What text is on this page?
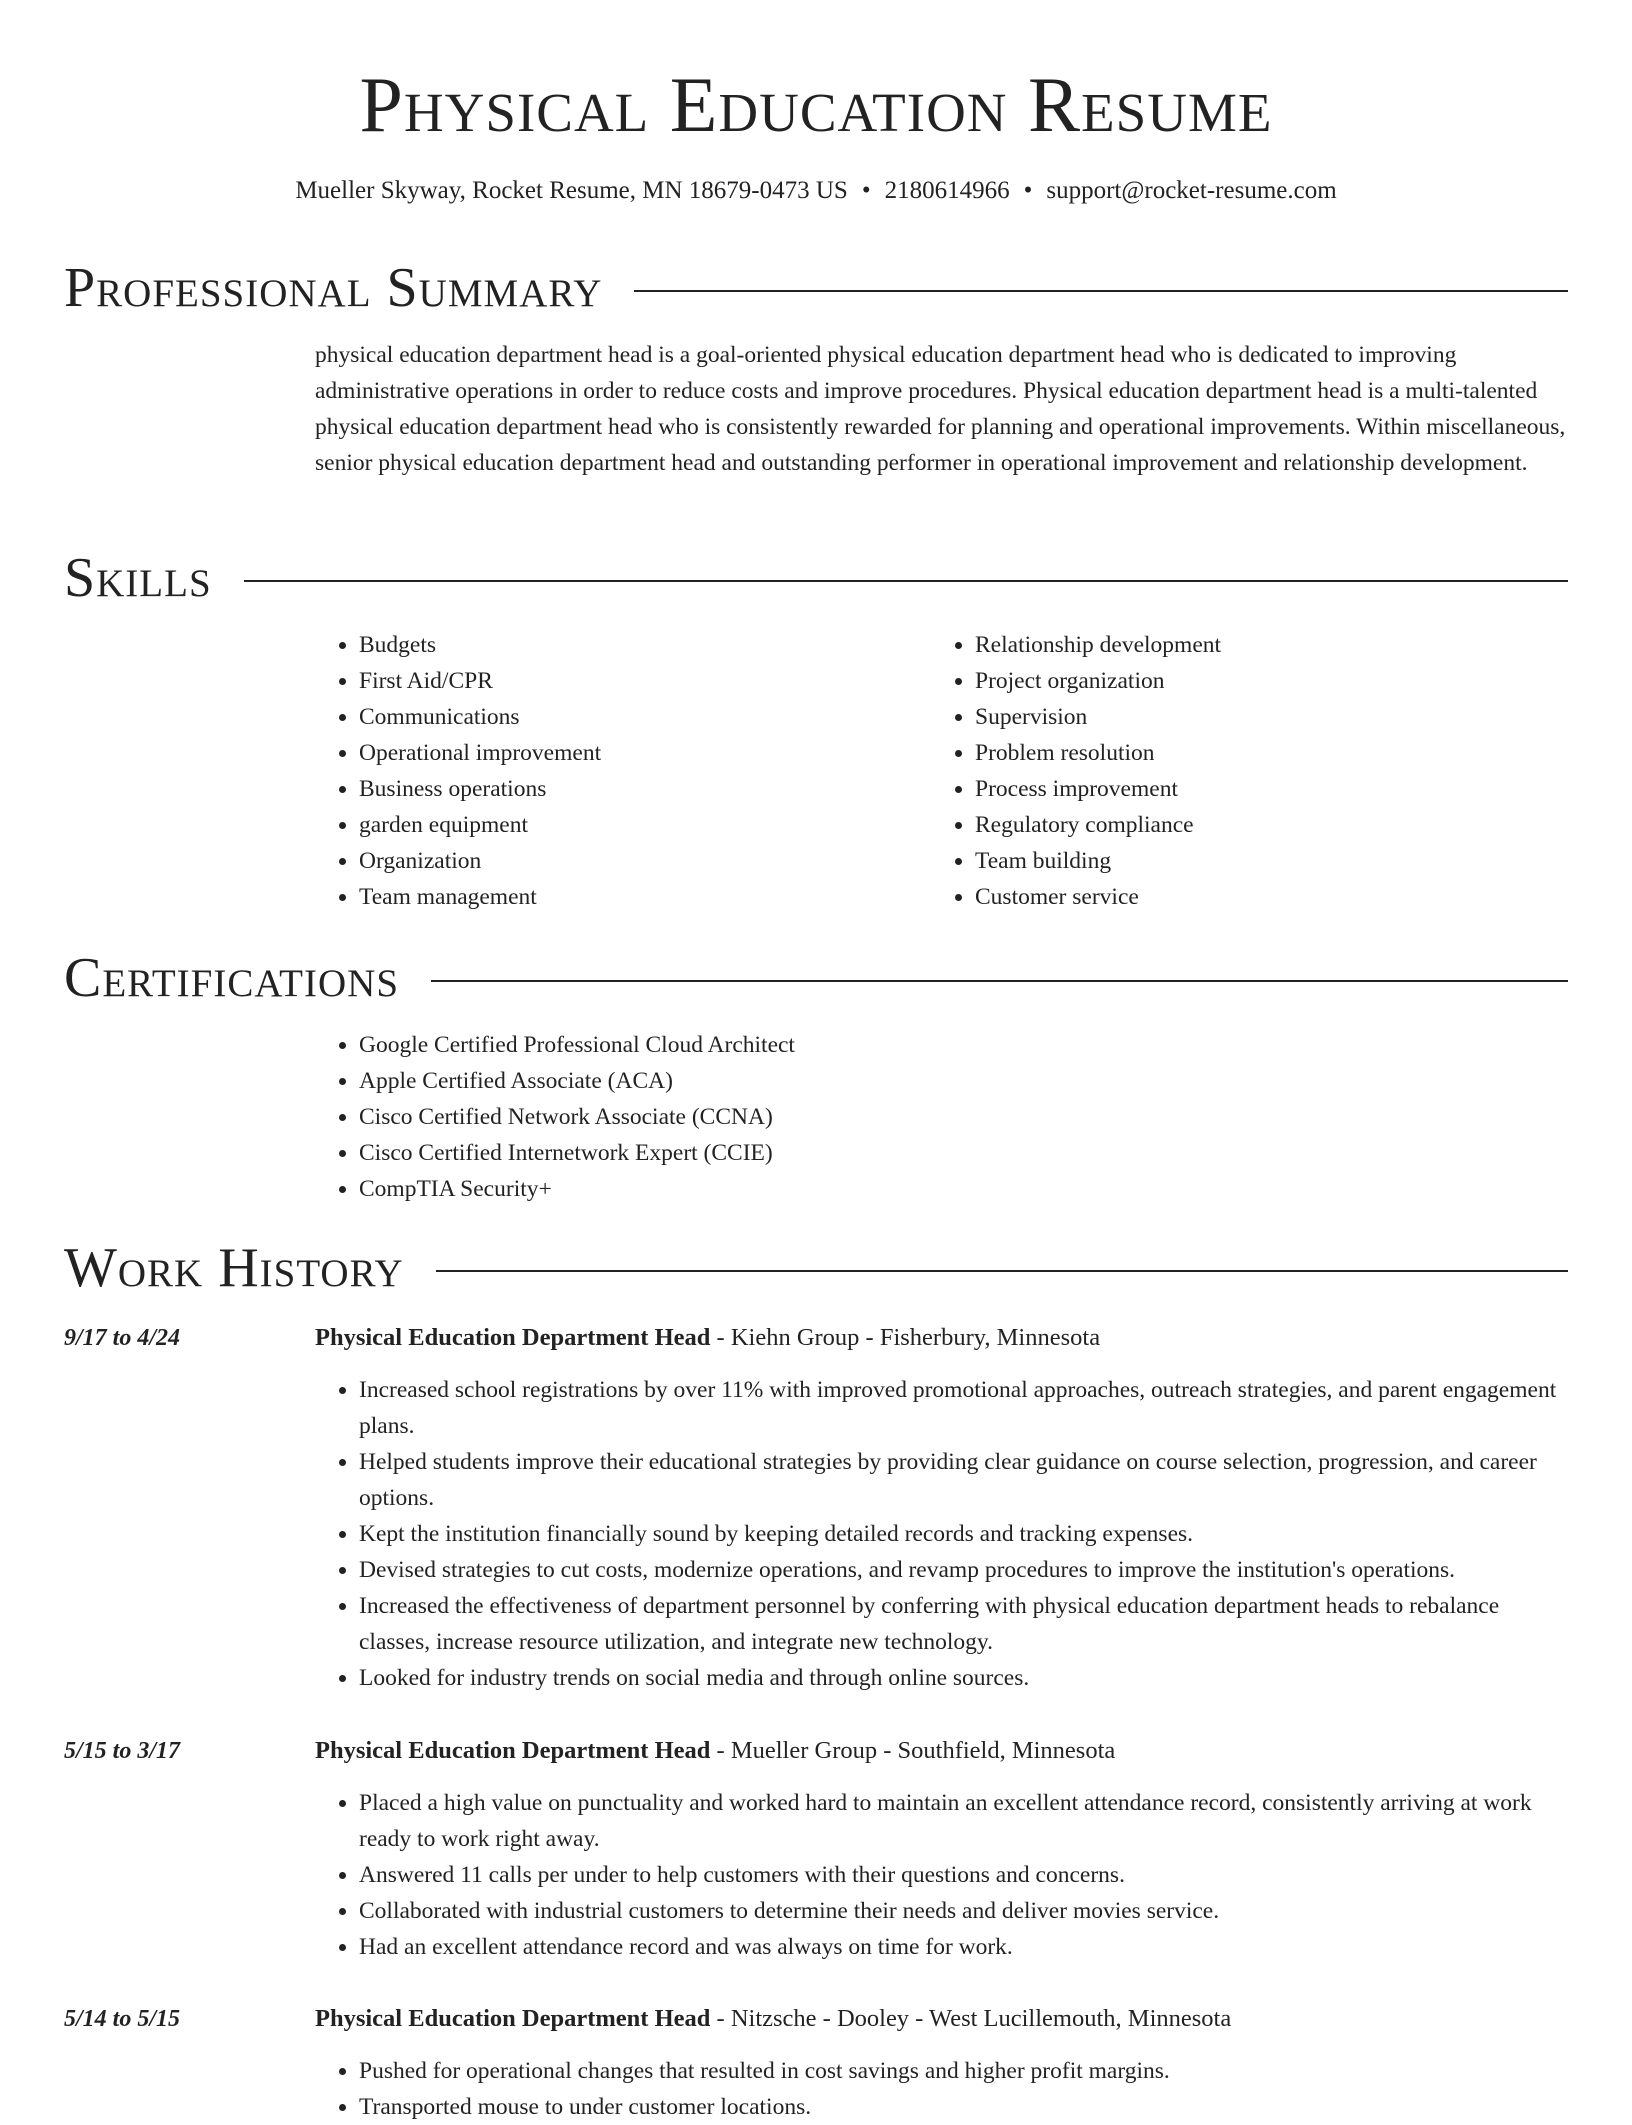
Physical Education Resume
Mueller Skyway, Rocket Resume, MN 18679-0473 US • 2180614966 • support@rocket-resume.com
Professional Summary

physical education department head is a goal-oriented physical education department head who is dedicated to improving administrative operations in order to reduce costs and improve procedures. Physical education department head is a multi-talented physical education department head who is consistently rewarded for planning and operational improvements. Within miscellaneous, senior physical education department head and outstanding performer in operational improvement and relationship development.

Skills
• Budgets
• First Aid/CPR
• Communications
• Operational improvement
• Business operations
• garden equipment
• Organization
• Team management
• Relationship development
• Project organization
• Supervision
• Problem resolution
• Process improvement
• Regulatory compliance
• Team building
• Customer service
Certifications
• Google Certified Professional Cloud Architect
• Apple Certified Associate (ACA)
• Cisco Certified Network Associate (CCNA)
• Cisco Certified Internetwork Expert (CCIE)
• CompTIA Security+
Work History
9/17 to 4/24	Physical Education Department Head - Kiehn Group - Fisherbury, Minnesota
• Increased school registrations by over 11% with improved promotional approaches, outreach strategies, and parent engagement plans.
• Helped students improve their educational strategies by providing clear guidance on course selection, progression, and career options.
• Kept the institution financially sound by keeping detailed records and tracking expenses.
• Devised strategies to cut costs, modernize operations, and revamp procedures to improve the institution's operations.
• Increased the effectiveness of department personnel by conferring with physical education department heads to rebalance classes, increase resource utilization, and integrate new technology.
• Looked for industry trends on social media and through online sources.
5/15 to 3/17	Physical Education Department Head - Mueller Group - Southfield, Minnesota
• Placed a high value on punctuality and worked hard to maintain an excellent attendance record, consistently arriving at work ready to work right away.
• Answered 11 calls per under to help customers with their questions and concerns.
• Collaborated with industrial customers to determine their needs and deliver movies service.
• Had an excellent attendance record and was always on time for work.
5/14 to 5/15	Physical Education Department Head - Nitzsche - Dooley - West Lucillemouth, Minnesota
• Pushed for operational changes that resulted in cost savings and higher profit margins.
• Transported mouse to under customer locations.
